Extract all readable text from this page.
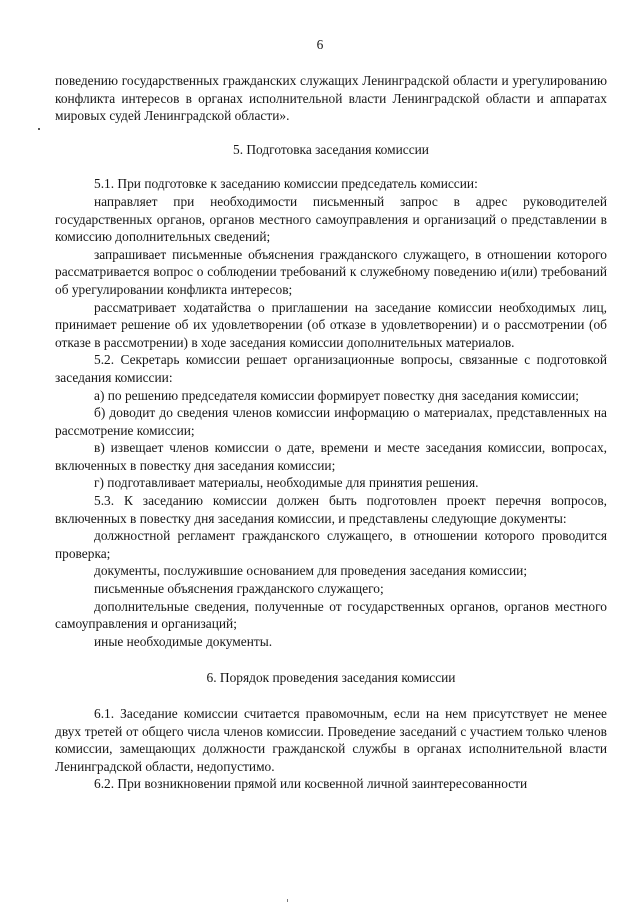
6

поведению государственных гражданских служащих Ленинградской области и урегулированию конфликта интересов в органах исполнительной власти Ленинградской области и аппаратах мировых судей Ленинградской области».

5. Подготовка заседания комиссии

5.1. При подготовке к заседанию комиссии председатель комиссии:

направляет при необходимости письменный запрос в адрес руководителей государственных органов, органов местного самоуправления и организаций о представлении в комиссию дополнительных сведений;

запрашивает письменные объяснения гражданского служащего, в отношении которого рассматривается вопрос о соблюдении требований к служебному поведению и(или) требований об урегулировании конфликта интересов;

рассматривает ходатайства о приглашении на заседание комиссии необходимых лиц, принимает решение об их удовлетворении (об отказе в удовлетворении) и о рассмотрении (об отказе в рассмотрении) в ходе заседания комиссии дополнительных материалов.

5.2. Секретарь комиссии решает организационные вопросы, связанные с подготовкой заседания комиссии:

а) по решению председателя комиссии формирует повестку дня заседания комиссии;

б) доводит до сведения членов комиссии информацию о материалах, представленных на рассмотрение комиссии;

в) извещает членов комиссии о дате, времени и месте заседания комиссии, вопросах, включенных в повестку дня заседания комиссии;

г) подготавливает материалы, необходимые для принятия решения.

5.3. К заседанию комиссии должен быть подготовлен проект перечня вопросов, включенных в повестку дня заседания комиссии, и представлены следующие документы:

должностной регламент гражданского служащего, в отношении которого проводится проверка;

документы, послужившие основанием для проведения заседания комиссии;

письменные объяснения гражданского служащего;

дополнительные сведения, полученные от государственных органов, органов местного самоуправления и организаций;

иные необходимые документы.

6. Порядок проведения заседания комиссии

6.1. Заседание комиссии считается правомочным, если на нем присутствует не менее двух третей от общего числа членов комиссии. Проведение заседаний с участием только членов комиссии, замещающих должности гражданской службы в органах исполнительной власти Ленинградской области, недопустимо.

6.2. При возникновении прямой или косвенной личной заинтересованности
